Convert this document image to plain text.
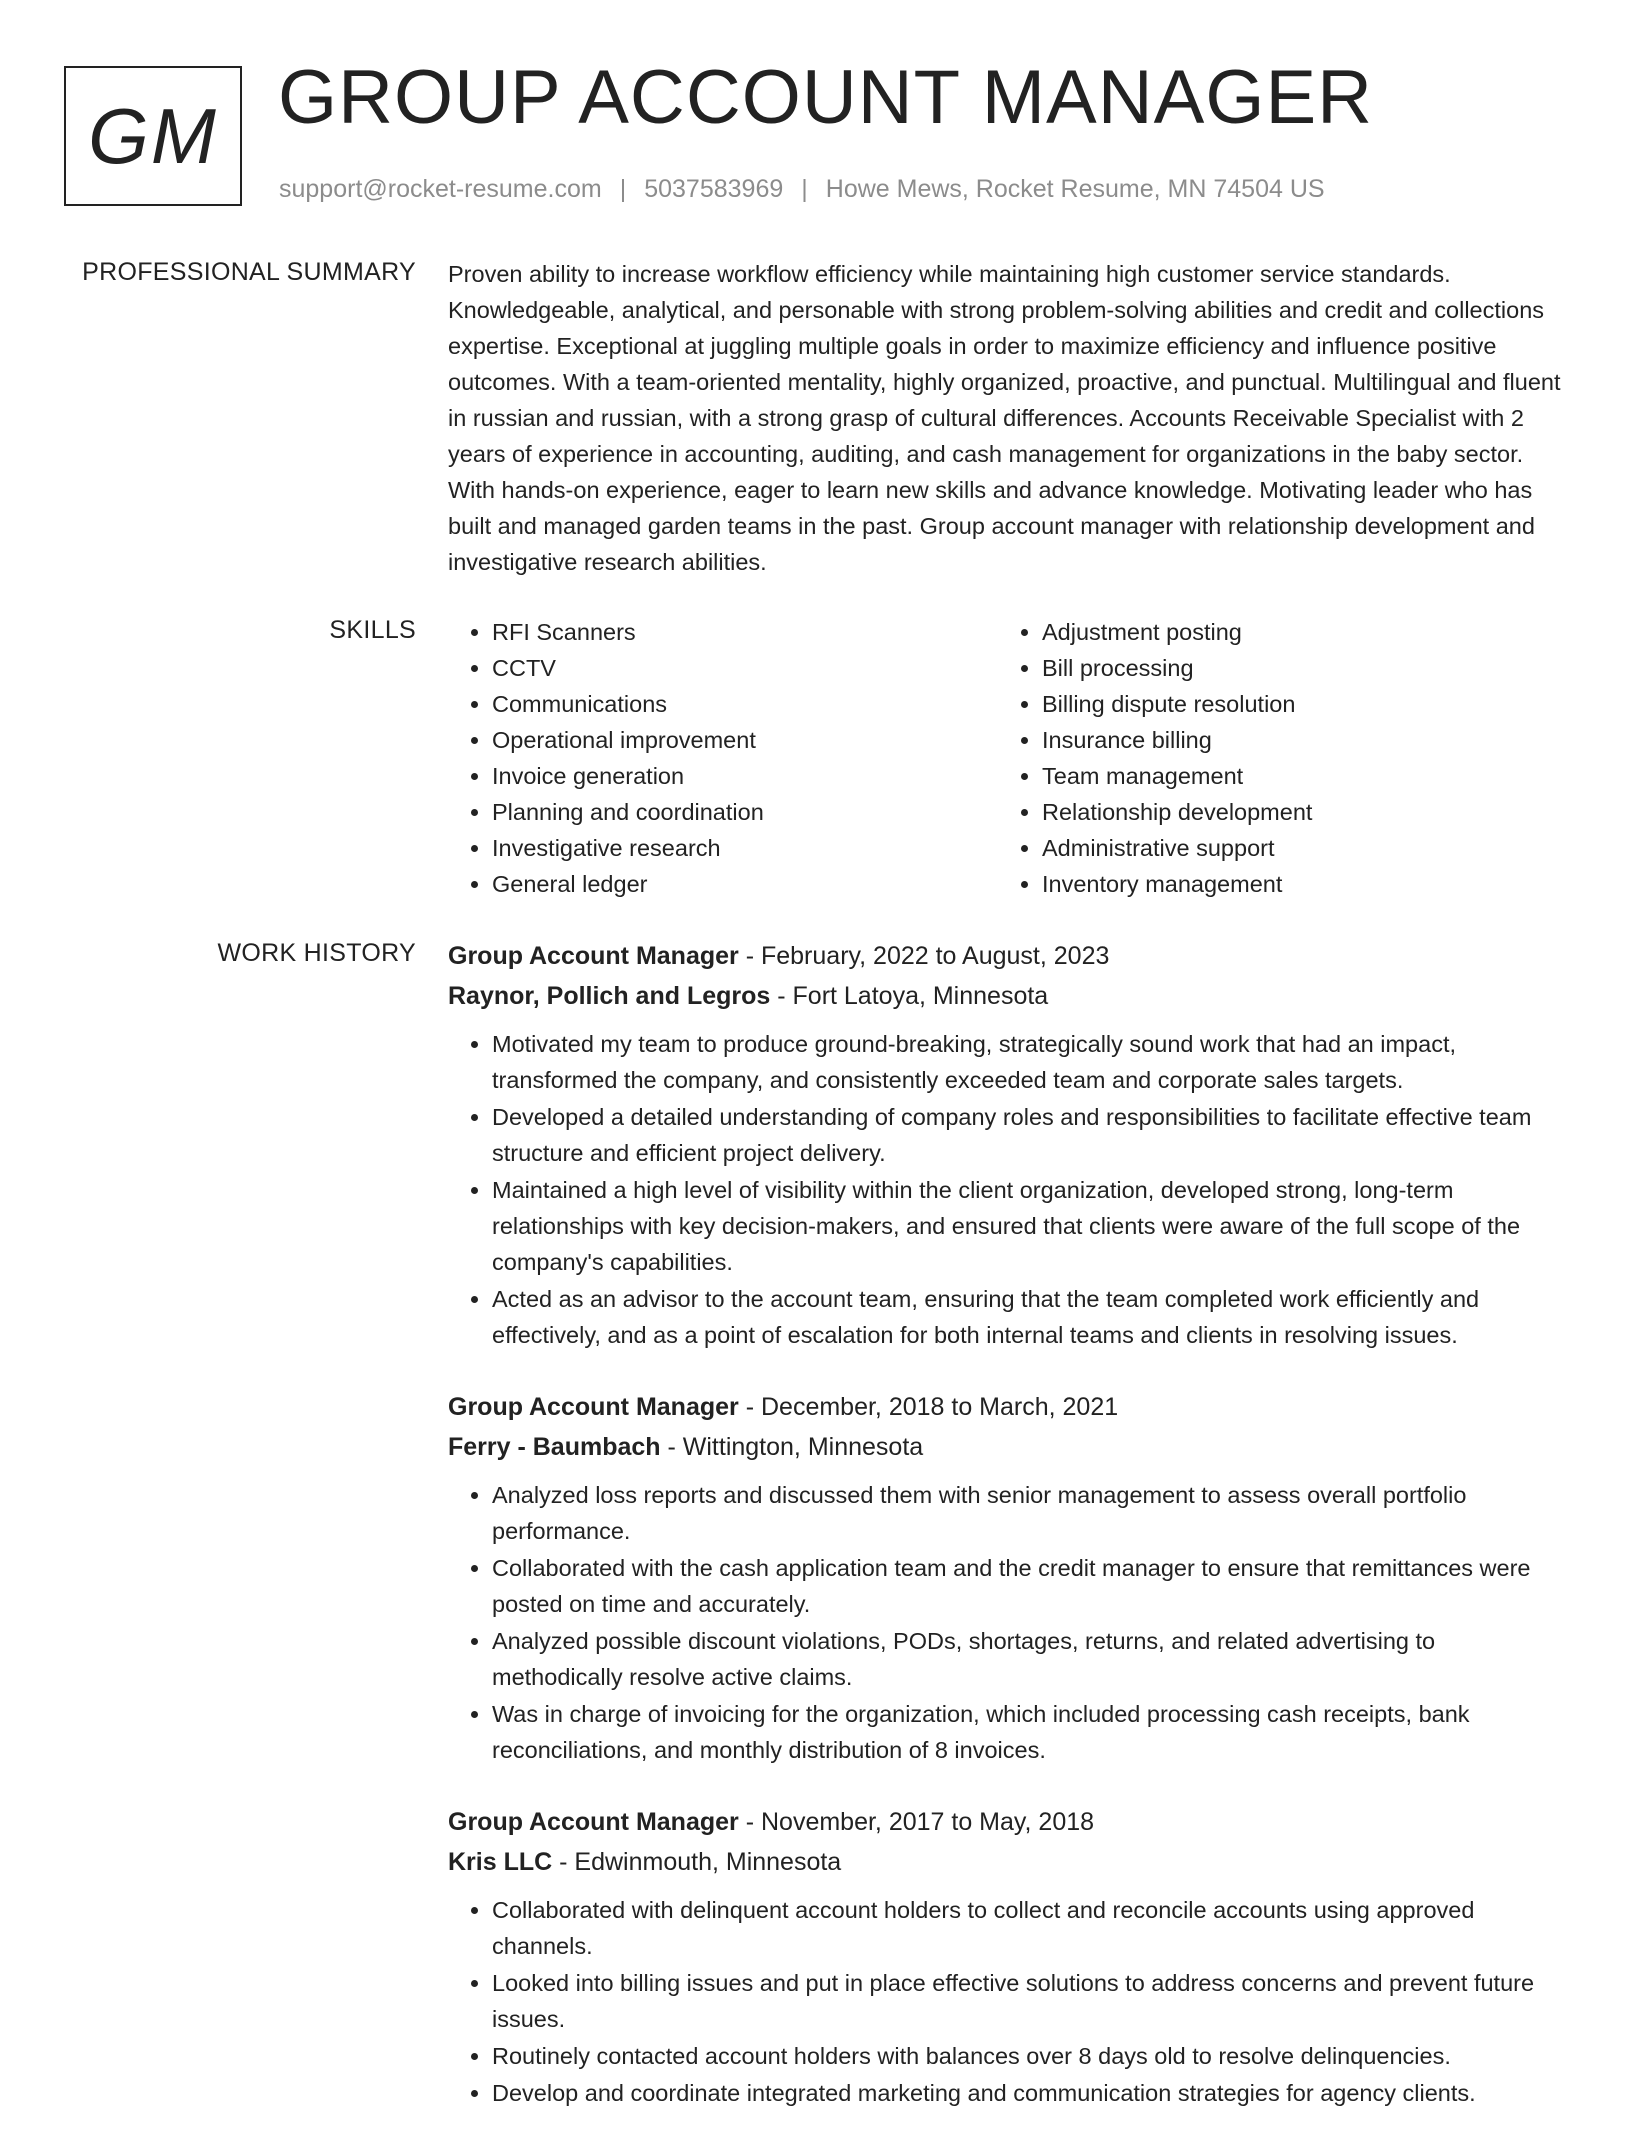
GM GROUP ACCOUNT MANAGER
support@rocket-resume.com | 5037583969 | Howe Mews, Rocket Resume, MN 74504 US
PROFESSIONAL SUMMARY Proven ability to increase workflow efficiency while maintaining high customer service standards. Knowledgeable, analytical, and personable with strong problem-solving abilities and credit and collections expertise. Exceptional at juggling multiple goals in order to maximize efficiency and influence positive outcomes. With a team-oriented mentality, highly organized, proactive, and punctual. Multilingual and fluent in russian and russian, with a strong grasp of cultural differences. Accounts Receivable Specialist with 2 years of experience in accounting, auditing, and cash management for organizations in the baby sector. With hands-on experience, eager to learn new skills and advance knowledge. Motivating leader who has built and managed garden teams in the past. Group account manager with relationship development and investigative research abilities.
SKILLS
•	RFI Scanners
• CCTV
• Communications
• Operational improvement
• Invoice generation
• Planning and coordination
• Investigative research
• General ledger
• Adjustment posting
• Bill processing
• Billing dispute resolution
• Insurance billing
• Team management
• Relationship development
• Administrative support
• Inventory management
WORK HISTORY Group Account Manager - February, 2022 to August, 2023
Raynor, Pollich and Legros - Fort Latoya, Minnesota
• Motivated my team to produce ground-breaking, strategically sound work that had an impact, transformed the company, and consistently exceeded team and corporate sales targets.
• Developed a detailed understanding of company roles and responsibilities to facilitate effective team structure and efficient project delivery.
• Maintained a high level of visibility within the client organization, developed strong, long-term relationships with key decision-makers, and ensured that clients were aware of the full scope of the company's capabilities.
• Acted as an advisor to the account team, ensuring that the team completed work efficiently and effectively, and as a point of escalation for both internal teams and clients in resolving issues.
Group Account Manager - December, 2018 to March, 2021
Ferry - Baumbach - Wittington, Minnesota
• Analyzed loss reports and discussed them with senior management to assess overall portfolio performance.
• Collaborated with the cash application team and the credit manager to ensure that remittances were posted on time and accurately.
• Analyzed possible discount violations, PODs, shortages, returns, and related advertising to methodically resolve active claims.
• Was in charge of invoicing for the organization, which included processing cash receipts, bank reconciliations, and monthly distribution of 8 invoices.
Group Account Manager - November, 2017 to May, 2018
Kris LLC - Edwinmouth, Minnesota
• Collaborated with delinquent account holders to collect and reconcile accounts using approved channels.
• Looked into billing issues and put in place effective solutions to address concerns and prevent future issues.
• Routinely contacted account holders with balances over 8 days old to resolve delinquencies.
• Develop and coordinate integrated marketing and communication strategies for agency clients.
